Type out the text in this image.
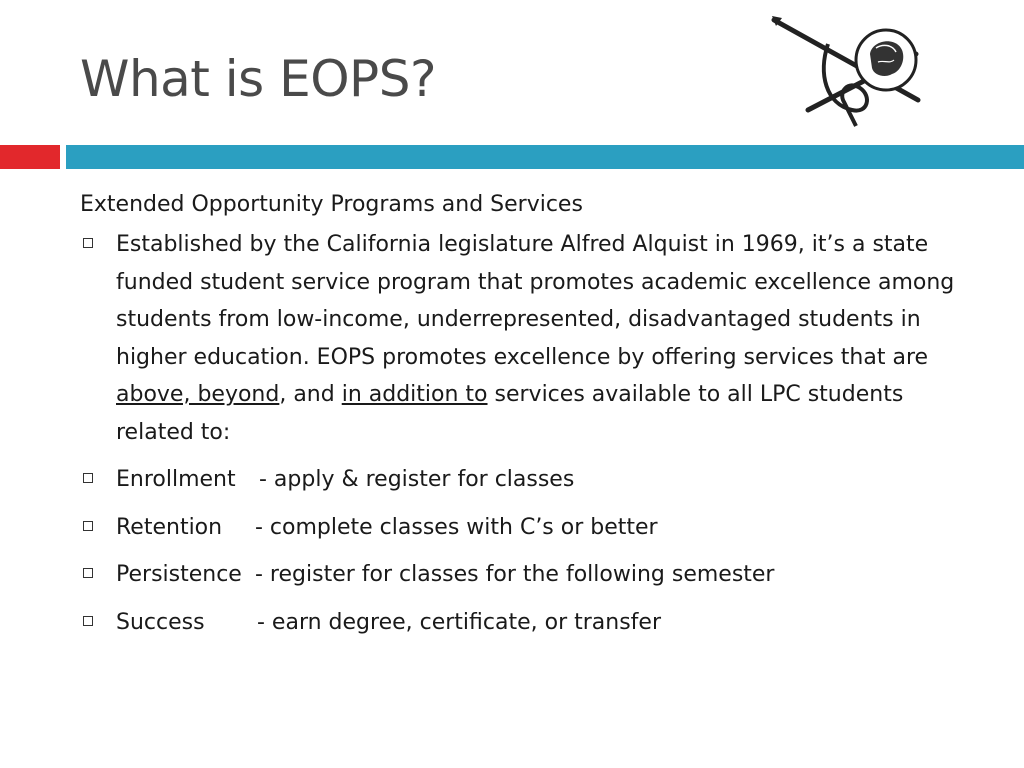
What is EOPS?

Extended Opportunity Programs and Services

Established by the California legislature Alfred Alquist in 1969, it’s a state funded student service program that promotes academic excellence among students from low-income, underrepresented, disadvantaged students in higher education. EOPS promotes excellence by offering services that are above, beyond, and in addition to services available to all LPC students related to:
Enrollment - apply & register for classes
Retention - complete classes with C’s or better
Persistence - register for classes for the following semester
Success - earn degree, certificate, or transfer
